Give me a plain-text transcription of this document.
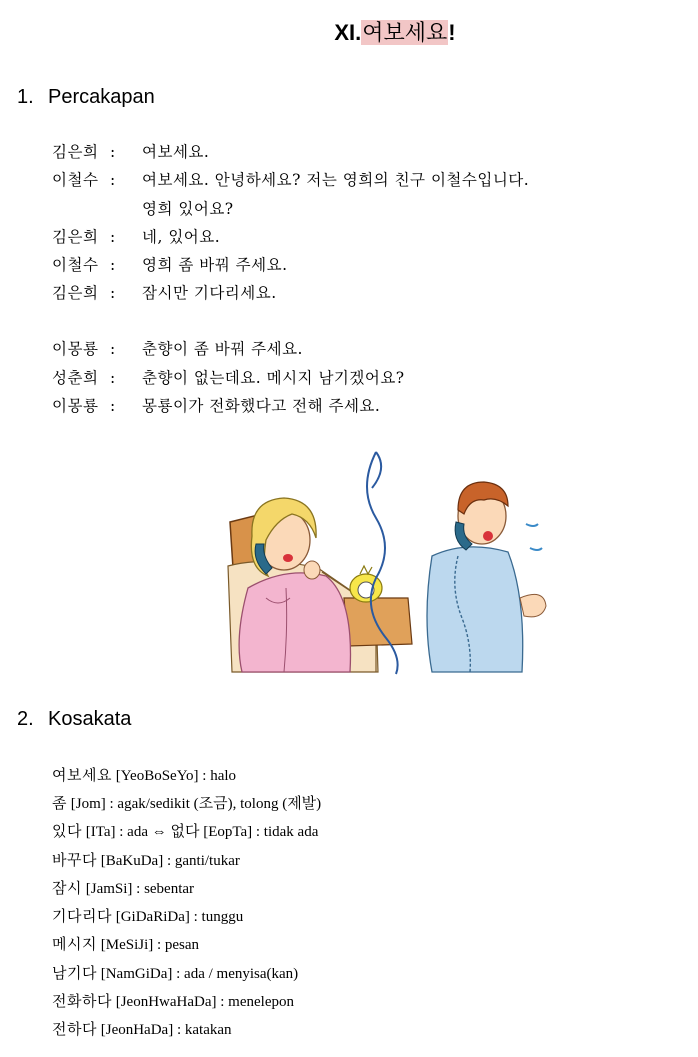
XI.여보세요!
1. Percakapan
김은희 : 여보세요.
이철수 : 여보세요. 안녕하세요? 저는 영희의 친구 이철수입니다.
영희 있어요?
김은희 : 네, 있어요.
이철수 : 영희 좀 바꿔 주세요.
김은희 : 잠시만 기다리세요.
이몽룡 : 춘향이 좀 바꿔 주세요.
성춘희 : 춘향이 없는데요. 메시지 남기겠어요?
이몽룡 : 몽룡이가 전화했다고 전해 주세요.
2. Kosakata
여보세요 [YeoBoSeYo] : halo
좀 [Jom] : agak/sedikit (조금), tolong (제발)
있다 [ITa] : ada ⇔ 없다 [EopTa] : tidak ada
바꾸다 [BaKuDa] : ganti/tukar
잠시 [JamSi] : sebentar
기다리다 [GiDaRiDa] : tunggu
메시지 [MeSiJi] : pesan
남기다 [NamGiDa] : ada / menyisa(kan)
전화하다 [JeonHwaHaDa] : menelepon
전하다 [JeonHaDa] : katakan
